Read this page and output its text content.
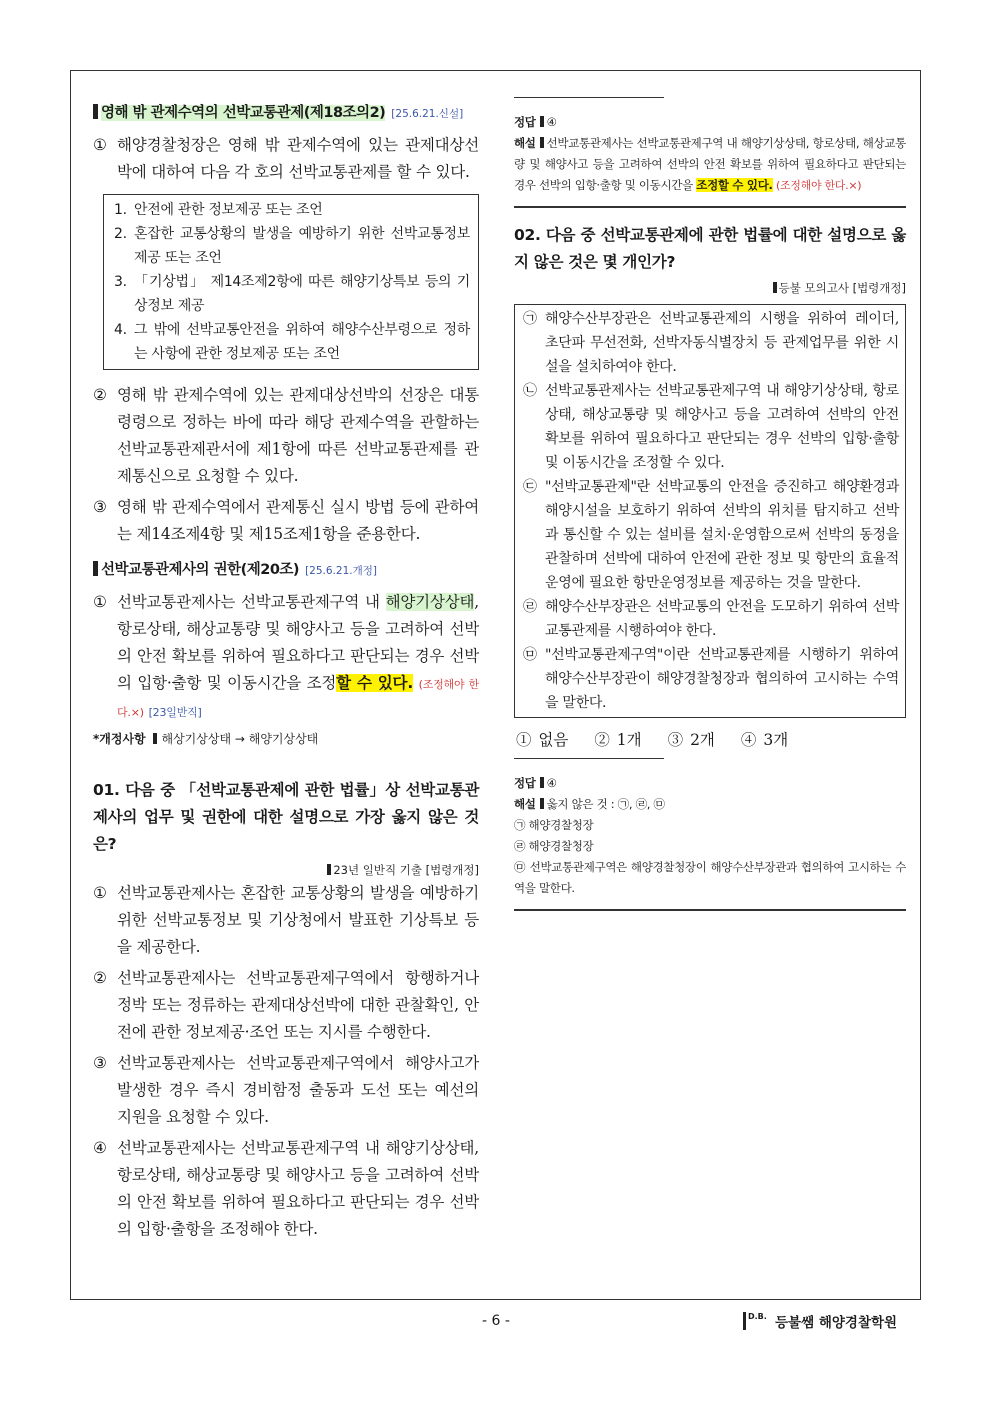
영해 밖 관제수역의 선박교통관제(제18조의2) [25.6.21.신설]
① 해양경찰청장은 영해 밖 관제수역에 있는 관제대상선박에 대하여 다음 각 호의 선박교통관제를 할 수 있다.
1. 안전에 관한 정보제공 또는 조언
2. 혼잡한 교통상황의 발생을 예방하기 위한 선박교통정보제공 또는 조언
3. 「기상법」 제14조제2항에 따른 해양기상특보 등의 기상정보 제공
4. 그 밖에 선박교통안전을 위하여 해양수산부령으로 정하는 사항에 관한 정보제공 또는 조언
② 영해 밖 관제수역에 있는 관제대상선박의 선장은 대통령령으로 정하는 바에 따라 해당 관제수역을 관할하는 선박교통관제관서에 제1항에 따른 선박교통관제를 관제통신으로 요청할 수 있다.
③ 영해 밖 관제수역에서 관제통신 실시 방법 등에 관하여는 제14조제4항 및 제15조제1항을 준용한다.
선박교통관제사의 권한(제20조) [25.6.21.개정]
① 선박교통관제사는 선박교통관제구역 내 해양기상상태, 항로상태, 해상교통량 및 해양사고 등을 고려하여 선박의 안전 확보를 위하여 필요하다고 판단되는 경우 선박의 입항·출항 및 이동시간을 조정할 수 있다. (조정해야 한다.×) [23일반직]
*개정사항 해상기상상태 → 해양기상상태
01. 다음 중 「선박교통관제에 관한 법률」상 선박교통관제사의 업무 및 권한에 대한 설명으로 가장 옳지 않은 것은?
23년 일반직 기출 [법령개정]
① 선박교통관제사는 혼잡한 교통상황의 발생을 예방하기 위한 선박교통정보 및 기상청에서 발표한 기상특보 등을 제공한다.
② 선박교통관제사는 선박교통관제구역에서 항행하거나 정박 또는 정류하는 관제대상선박에 대한 관찰확인, 안전에 관한 정보제공·조언 또는 지시를 수행한다.
③ 선박교통관제사는 선박교통관제구역에서 해양사고가 발생한 경우 즉시 경비함정 출동과 도선 또는 예선의 지원을 요청할 수 있다.
④ 선박교통관제사는 선박교통관제구역 내 해양기상상태, 항로상태, 해상교통량 및 해양사고 등을 고려하여 선박의 안전 확보를 위하여 필요하다고 판단되는 경우 선박의 입항·출항을 조정해야 한다.
정답 ④
해설 선박교통관제사는 선박교통관제구역 내 해양기상상태, 항로상태, 해상교통량 및 해양사고 등을 고려하여 선박의 안전 확보를 위하여 필요하다고 판단되는 경우 선박의 입항·출항 및 이동시간을 조정할 수 있다. (조정해야 한다.×)
02. 다음 중 선박교통관제에 관한 법률에 대한 설명으로 옳지 않은 것은 몇 개인가?
등불 모의고사 [법령개정]
㉠ 해양수산부장관은 선박교통관제의 시행을 위하여 레이더, 초단파 무선전화, 선박자동식별장치 등 관제업무를 위한 시설을 설치하여야 한다.
㉡ 선박교통관제사는 선박교통관제구역 내 해양기상상태, 항로상태, 해상교통량 및 해양사고 등을 고려하여 선박의 안전 확보를 위하여 필요하다고 판단되는 경우 선박의 입항·출항 및 이동시간을 조정할 수 있다.
㉢ "선박교통관제"란 선박교통의 안전을 증진하고 해양환경과 해양시설을 보호하기 위하여 선박의 위치를 탐지하고 선박과 통신할 수 있는 설비를 설치·운영함으로써 선박의 동정을 관찰하며 선박에 대하여 안전에 관한 정보 및 항만의 효율적 운영에 필요한 항만운영정보를 제공하는 것을 말한다.
㉣ 해양수산부장관은 선박교통의 안전을 도모하기 위하여 선박교통관제를 시행하여야 한다.
㉤ "선박교통관제구역"이란 선박교통관제를 시행하기 위하여 해양수산부장관이 해양경찰청장과 협의하여 고시하는 수역을 말한다.
① 없음 ② 1개 ③ 2개 ④ 3개
정답 ④
해설 옳지 않은 것 : ㉠, ㉣, ㉤
㉠ 해양경찰청장
㉣ 해양경찰청장
㉤ 선박교통관제구역은 해양경찰청장이 해양수산부장관과 협의하여 고시하는 수역을 말한다.
- 6 -	D.B. 등불쌤 해양경찰학원
